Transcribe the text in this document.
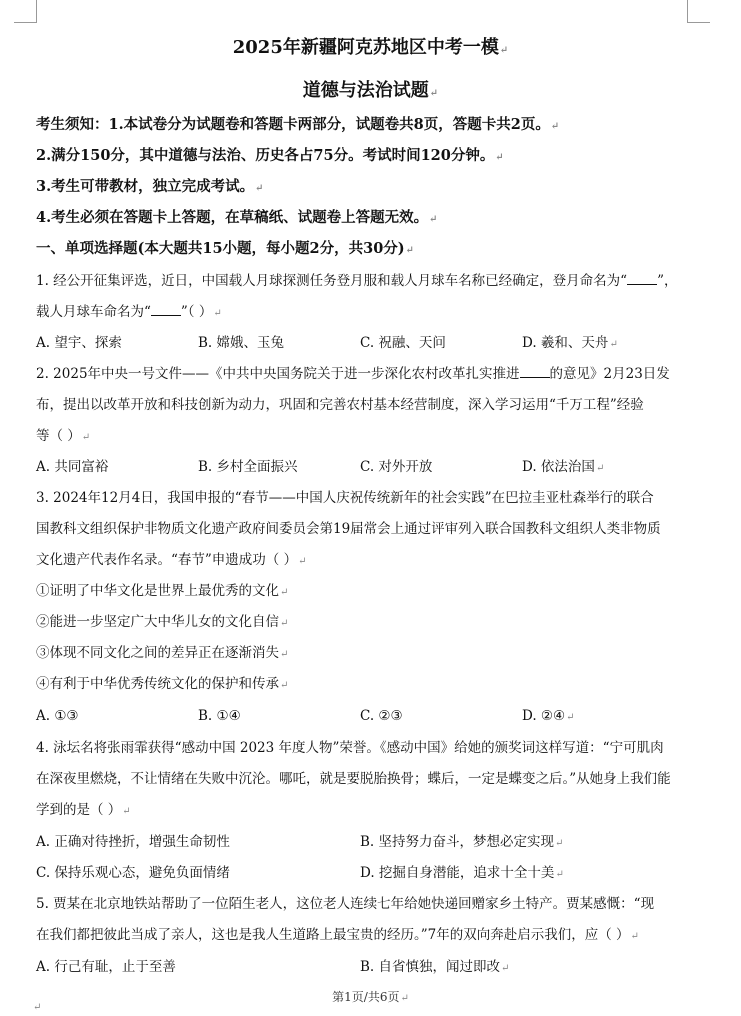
2025年新疆阿克苏地区中考一模↵
道德与法治试题↵
考生须知：1.本试卷分为试题卷和答题卡两部分，试题卷共8页，答题卡共2页。↵
2.满分150分，其中道德与法治、历史各占75分。考试时间120分钟。↵
3.考生可带教材，独立完成考试。↵
4.考生必须在答题卡上答题，在草稿纸、试题卷上答题无效。↵
一、单项选择题(本大题共15小题，每小题2分，共30分)↵
1. 经公开征集评选，近日，中国载人月球探测任务登月服和载人月球车名称已经确定，登月命名为“ ”，
载人月球车命名为“ ”（ ）↵
A. 望宇、探索	B. 嫦娥、玉兔	C. 祝融、天问	D. 羲和、天舟↵
2. 2025年中央一号文件——《中共中央国务院关于进一步深化农村改革扎实推进 的意见》2月23日发
布，提出以改革开放和科技创新为动力，巩固和完善农村基本经营制度，深入学习运用“千万工程”经验
等（ ）↵
A. 共同富裕	B. 乡村全面振兴	C. 对外开放	D. 依法治国↵
3. 2024年12月4日，我国申报的“春节——中国人庆祝传统新年的社会实践”在巴拉圭亚杜森举行的联合
国教科文组织保护非物质文化遗产政府间委员会第19届常会上通过评审列入联合国教科文组织人类非物质
文化遗产代表作名录。“春节”申遗成功（ ）↵
①证明了中华文化是世界上最优秀的文化↵
②能进一步坚定广大中华儿女的文化自信↵
③体现不同文化之间的差异正在逐渐消失↵
④有利于中华优秀传统文化的保护和传承↵
A. ①③	B. ①④	C. ②③	D. ②④↵
4. 泳坛名将张雨霏获得“感动中国 2023 年度人物”荣誉。《感动中国》给她的颁奖词这样写道：“宁可肌肉
在深夜里燃烧，不让情绪在失败中沉沦。哪吒，就是要脱胎换骨；蝶后，一定是蝶变之后。”从她身上我们能
学到的是（ ）↵
A. 正确对待挫折，增强生命韧性	B. 坚持努力奋斗，梦想必定实现↵
C. 保持乐观心态，避免负面情绪	D. 挖掘自身潜能，追求十全十美↵
5. 贾某在北京地铁站帮助了一位陌生老人，这位老人连续七年给她快递回赠家乡土特产。贾某感慨：“现
在我们都把彼此当成了亲人，这也是我人生道路上最宝贵的经历。”7年的双向奔赴启示我们，应（ ）↵
A. 行己有耻，止于至善	B. 自省慎独，闻过即改↵
第1页/共6页↵
↵
